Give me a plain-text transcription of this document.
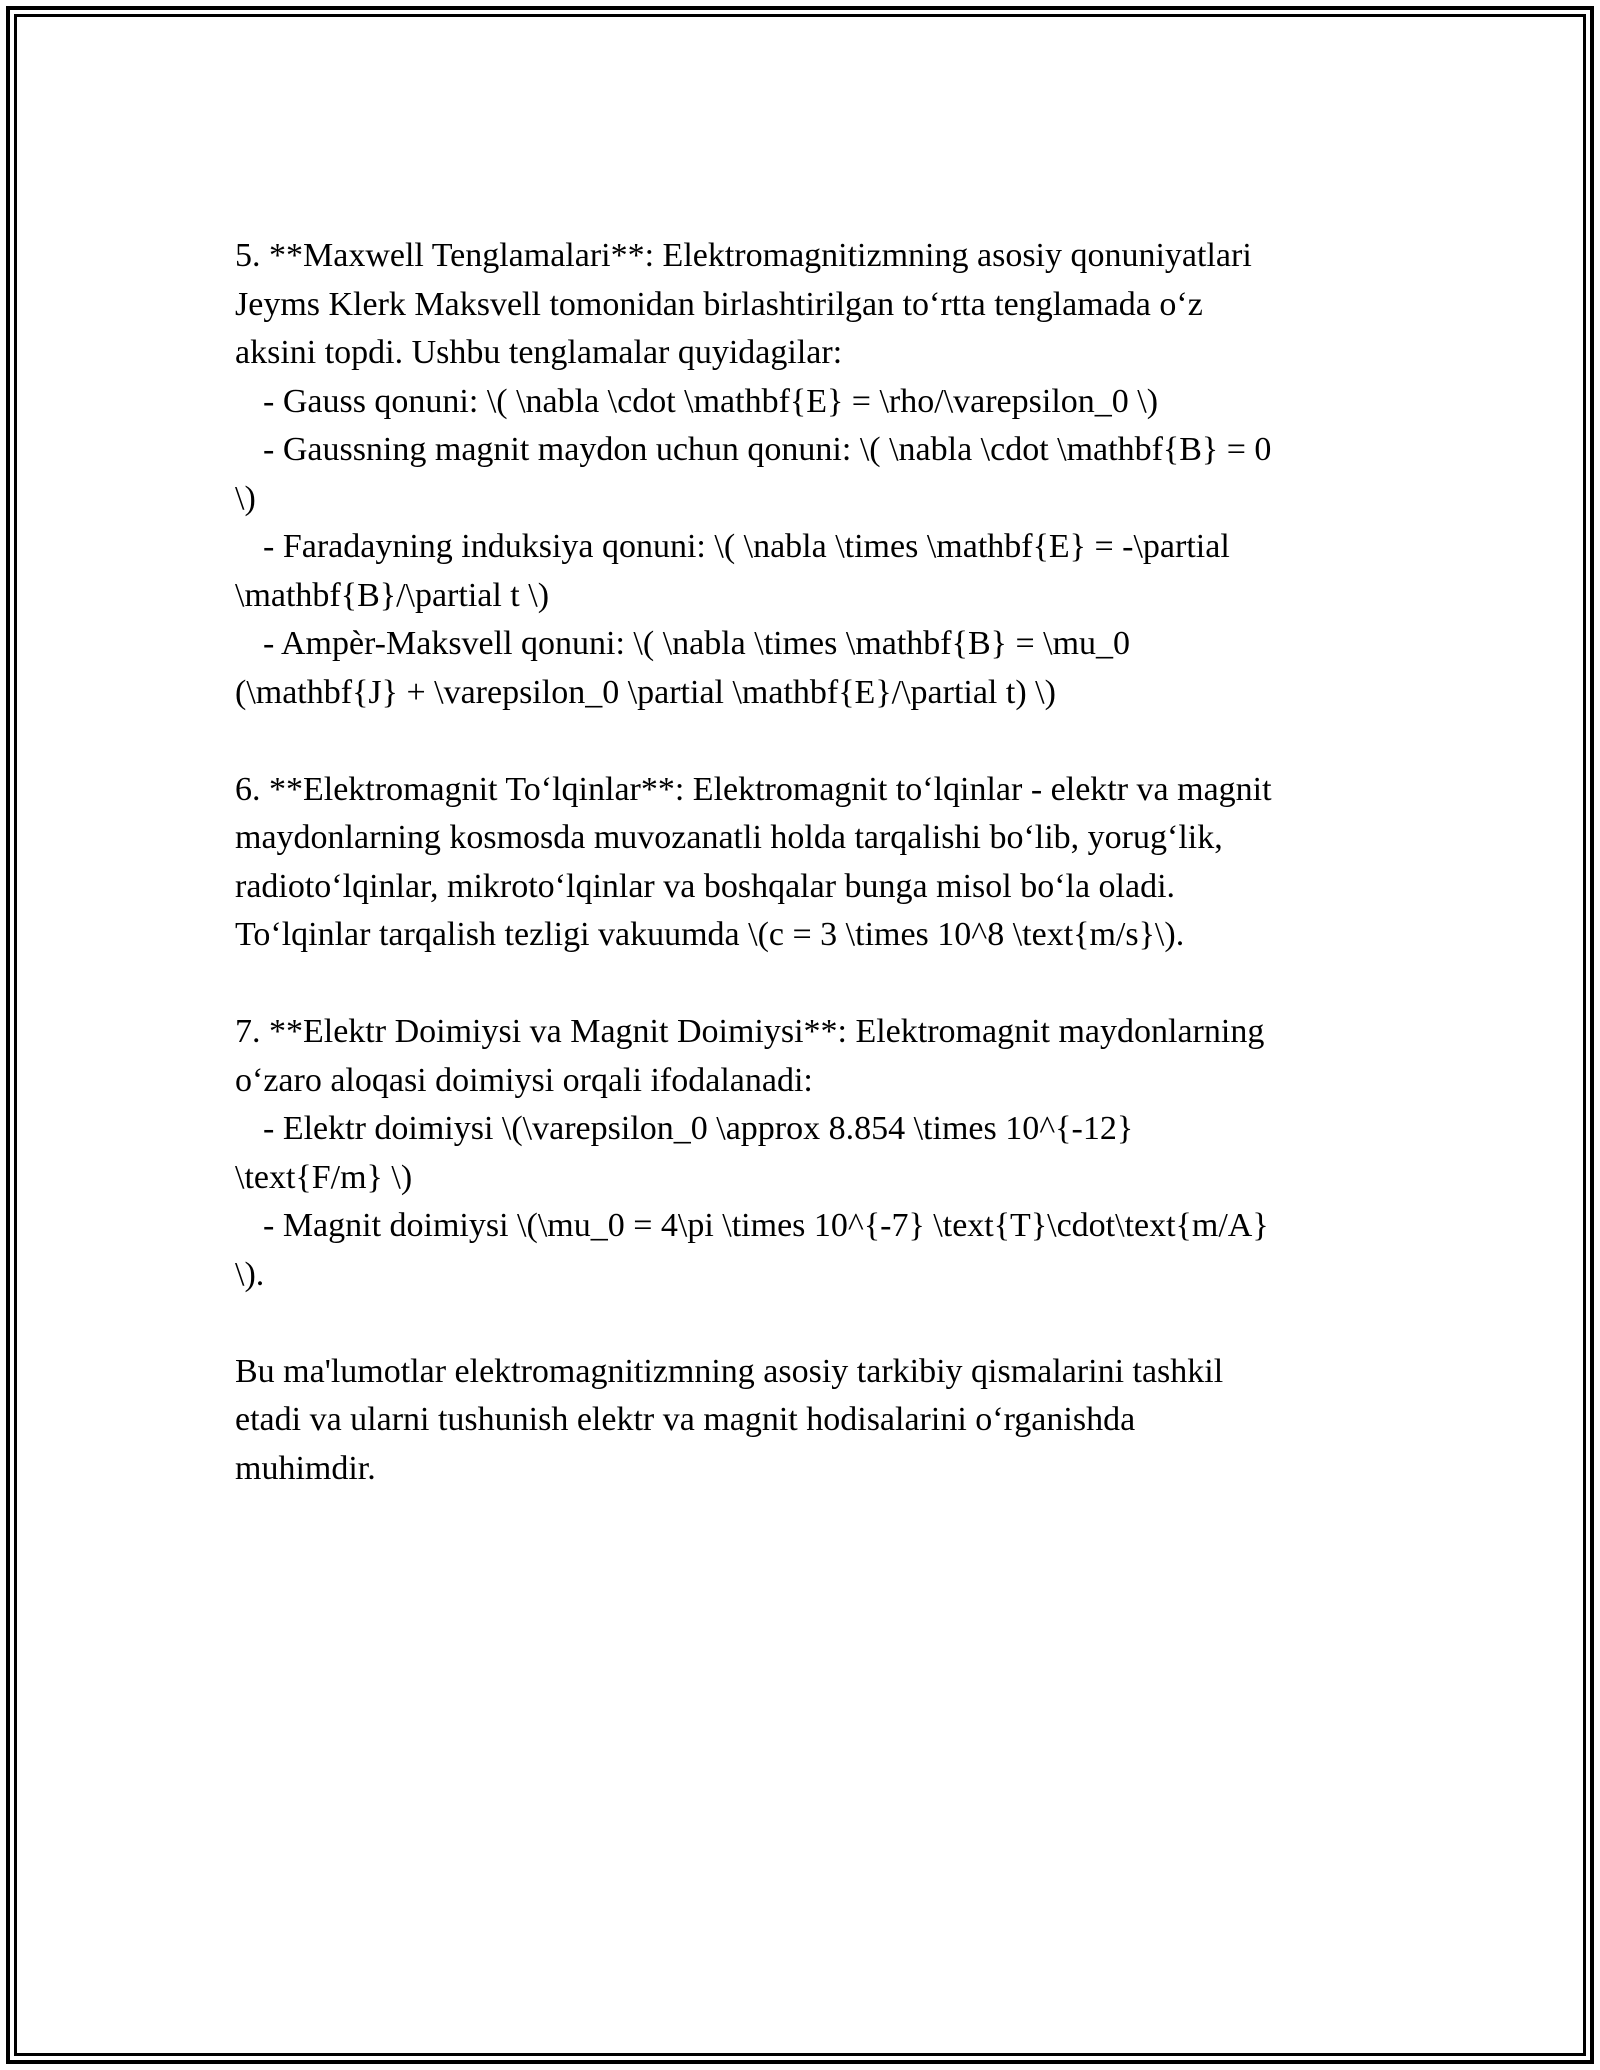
5. **Maxwell Tenglamalari**: Elektromagnitizmning asosiy qonuniyatlari
Jeyms Klerk Maksvell tomonidan birlashtirilgan to‘rtta tenglamada o‘z
aksini topdi. Ushbu tenglamalar quyidagilar:
- Gauss qonuni: \( \nabla \cdot \mathbf{E} = \rho/\varepsilon_0 \)
- Gaussning magnit maydon uchun qonuni: \( \nabla \cdot \mathbf{B} = 0
\)
- Faradayning induksiya qonuni: \( \nabla \times \mathbf{E} = -\partial
\mathbf{B}/\partial t \)
- Ampèr-Maksvell qonuni: \( \nabla \times \mathbf{B} = \mu_0
(\mathbf{J} + \varepsilon_0 \partial \mathbf{E}/\partial t) \)
6. **Elektromagnit To‘lqinlar**: Elektromagnit to‘lqinlar - elektr va magnit
maydonlarning kosmosda muvozanatli holda tarqalishi bo‘lib, yorug‘lik,
radioto‘lqinlar, mikroto‘lqinlar va boshqalar bunga misol bo‘la oladi.
To‘lqinlar tarqalish tezligi vakuumda \(c = 3 \times 10^8 \text{m/s}\).
7. **Elektr Doimiysi va Magnit Doimiysi**: Elektromagnit maydonlarning
o‘zaro aloqasi doimiysi orqali ifodalanadi:
- Elektr doimiysi \(\varepsilon_0 \approx 8.854 \times 10^{-12}
\text{F/m} \)
- Magnit doimiysi \(\mu_0 = 4\pi \times 10^{-7} \text{T}\cdot\text{m/A}
\).
Bu ma'lumotlar elektromagnitizmning asosiy tarkibiy qismalarini tashkil
etadi va ularni tushunish elektr va magnit hodisalarini o‘rganishda
muhimdir.
